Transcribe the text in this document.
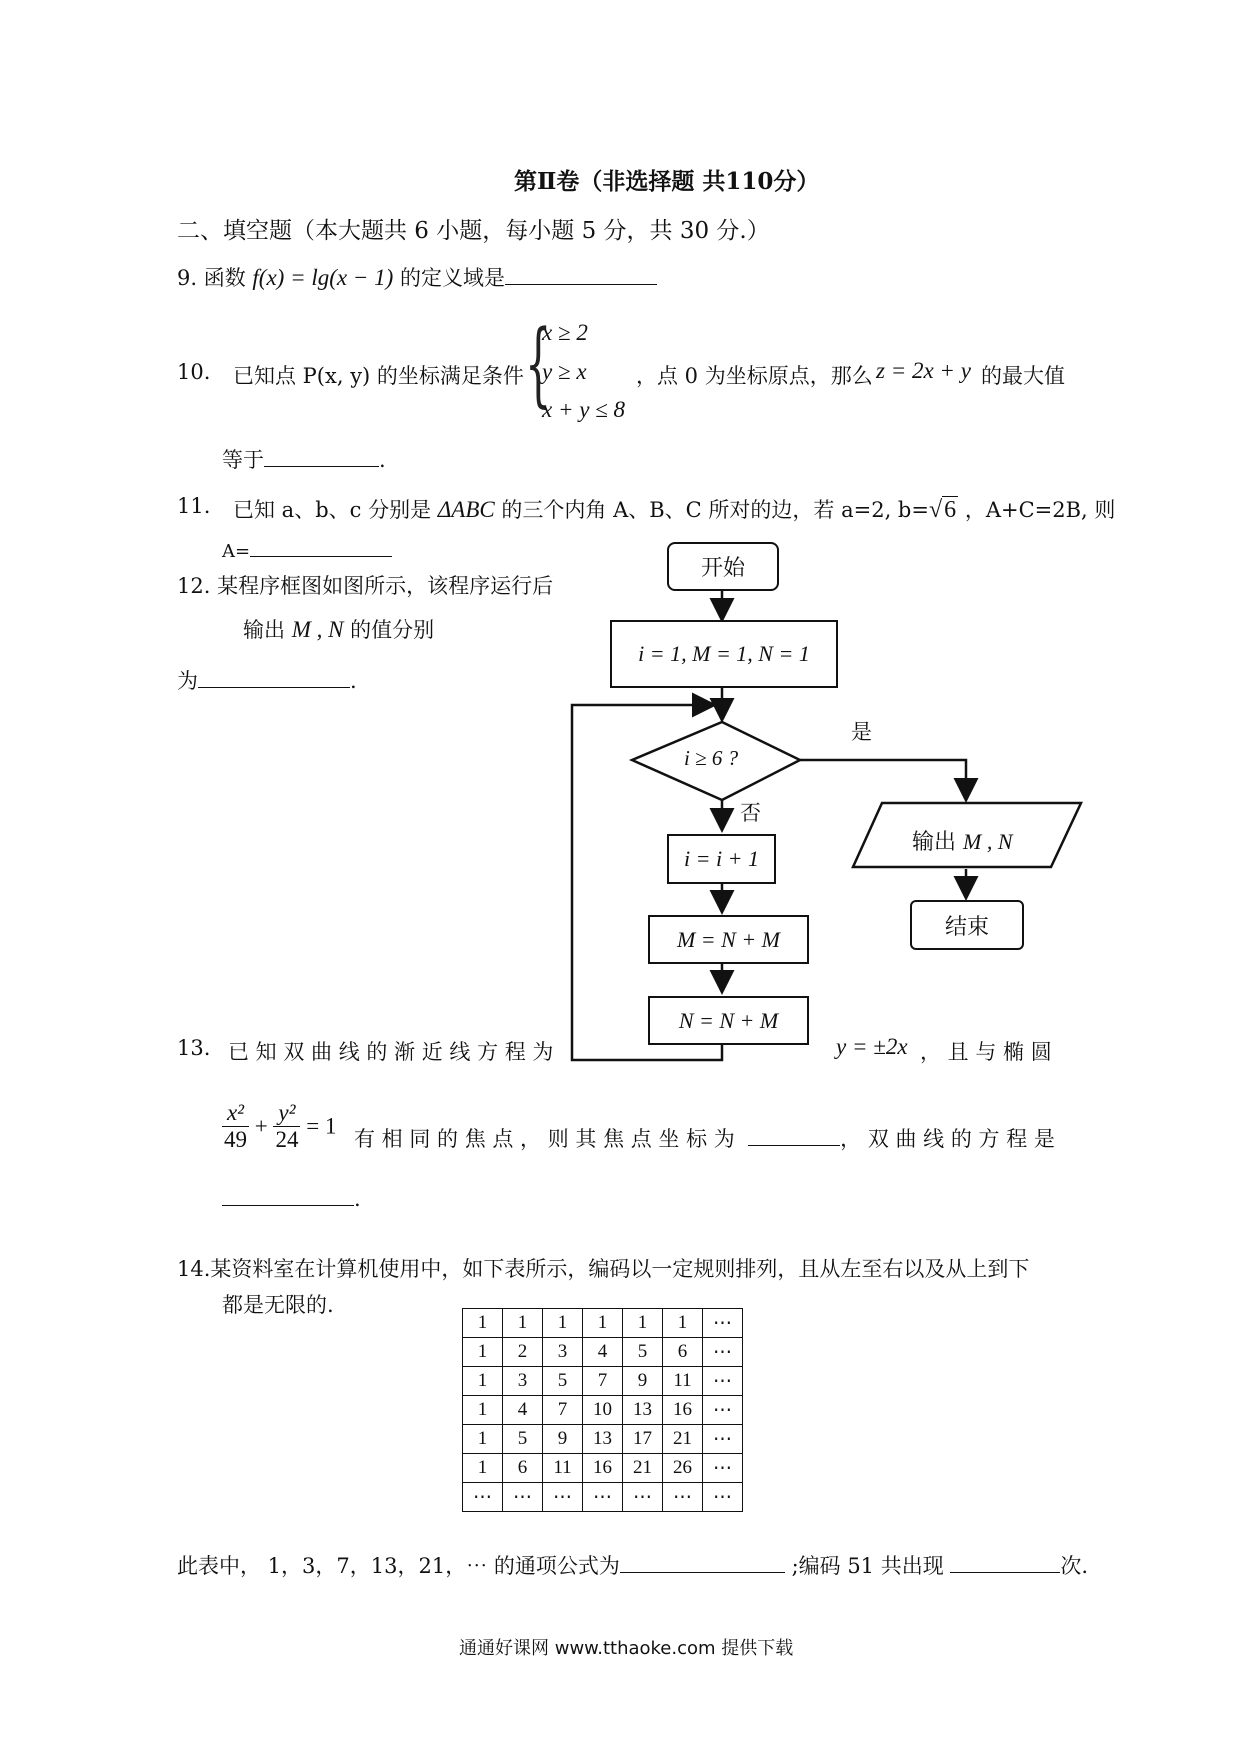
第Ⅱ卷（非选择题 共110分）
二、填空题（本大题共 6 小题，每小题 5 分，共 30 分.）
9. 函数 f(x) = lg(x − 1) 的定义域是
10. 已知点 P(x, y) 的坐标满足条件 {
x ≥ 2
y ≥ x
x + y ≤ 8
，点 0 为坐标原点，那么 z = 2x + y 的最大值
等于	.
11. 已知 a、b、c 分别是 ΔABC 的三个内角 A、B、C 所对的边，若 a=2, b=√6 ，A+C=2B, 则
A=
12. 某程序框图如图所示，该程序运行后
输出 M , N 的值分别
为	.
开始
i = 1, M = 1, N = 1
i ≥ 6 ?
是
否
i = i + 1
M = N + M
N = N + M
输出 M , N
结束
13. 已 知 双 曲 线 的 渐 近 线 方 程 为	y = ±2x ， 且 与 椭 圆
$\frac{\text{x²}}{49} + \frac{\text{y²}}{24} = 1$
有 相 同 的 焦 点 ， 则 其 焦 点 坐 标 为	， 双 曲 线 的 方 程 是
.
14.某资料室在计算机使用中，如下表所示，编码以一定规则排列，且从左至右以及从上到下
都是无限的.
1	1	1	1	1	1	⋯
1	2	3	4	5	6	⋯
1	3	5	7	9	11	⋯
1	4	7	10	13	16	⋯
1	5	9	13	17	21	⋯
1	6	11	16	21	26	⋯
⋯	⋯	⋯	⋯	⋯	⋯	⋯
此表中， 1，3，7，13，21，⋯ 的通项公式为	;编码 51 共出现	次.
通通好课网 www.tthaoke.com 提供下载
